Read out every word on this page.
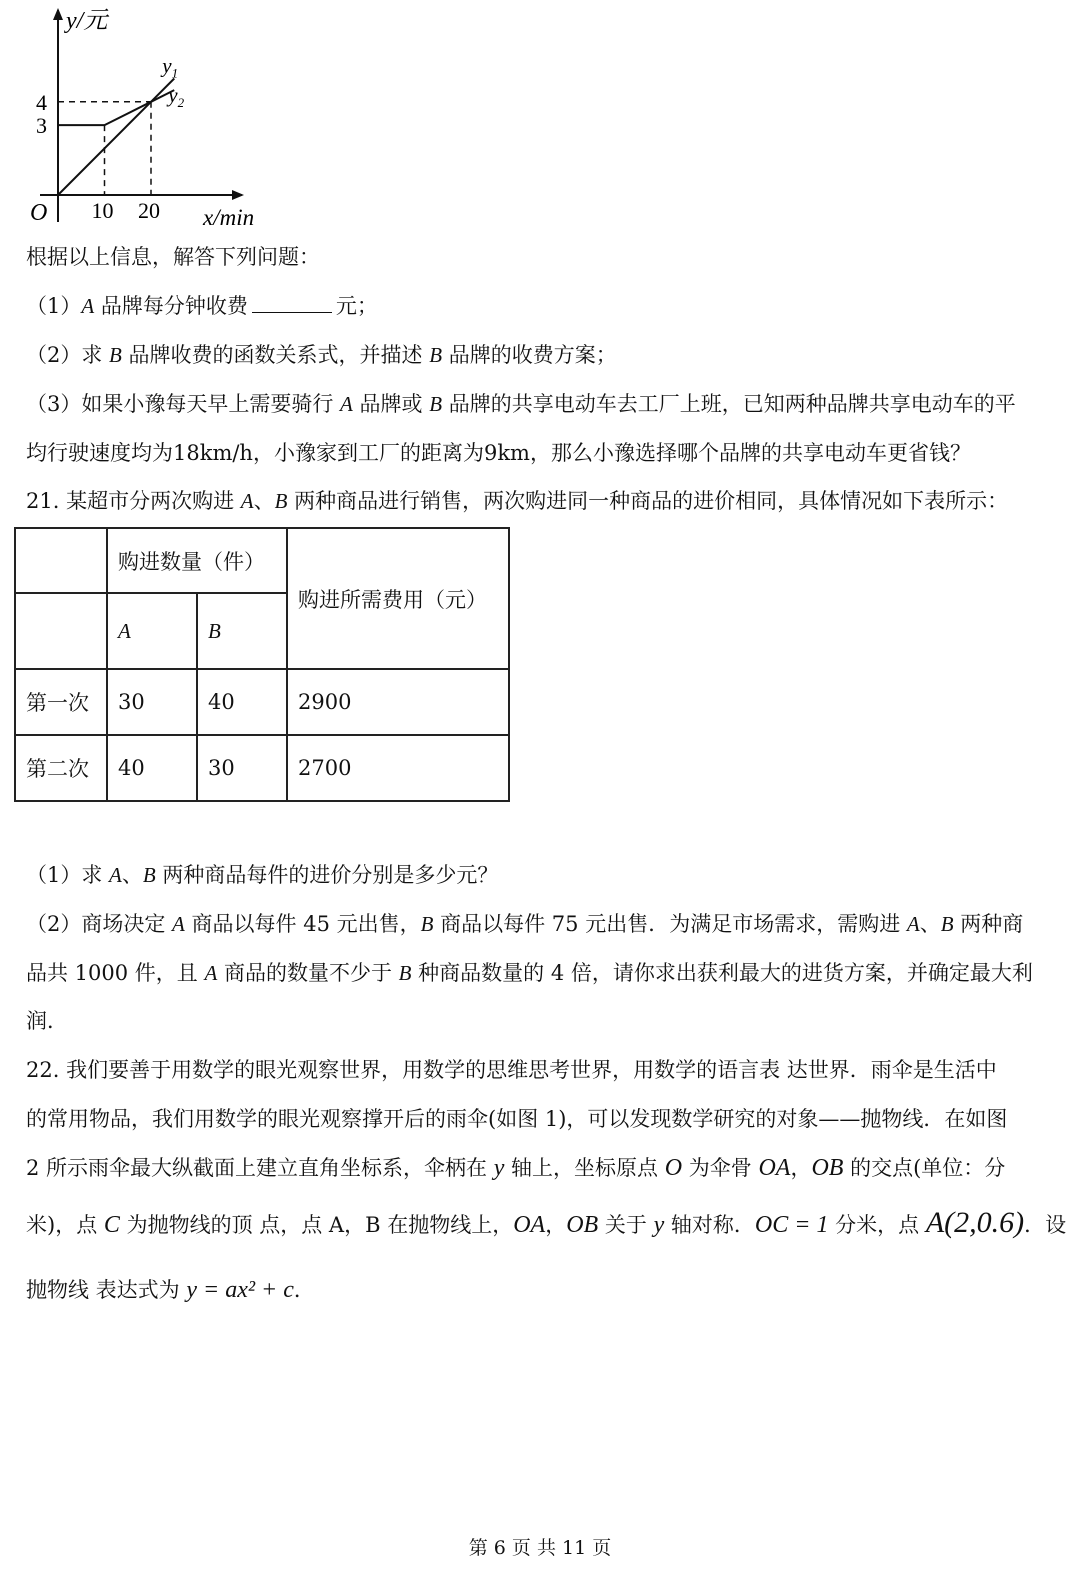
$y_1$
$y_2$
10 20
3
4
y/元
x/min
O
根据以上信息，解答下列问题：
（1）A 品牌每分钟收费	元；
（2）求 B 品牌收费的函数关系式，并描述 B 品牌的收费方案；
（3）如果小豫每天早上需要骑行 A 品牌或 B 品牌的共享电动车去工厂上班，已知两种品牌共享电动车的平
均行驶速度均为18km/h，小豫家到工厂的距离为9km，那么小豫选择哪个品牌的共享电动车更省钱？
21. 某超市分两次购进 A、B 两种商品进行销售，两次购进同一种商品的进价相同，具体情况如下表所示：
	购进数量（件）		购进所需费用（元）
	A	B	
第一次	30	40	2900
第二次	40	30	2700
（1）求 A、B 两种商品每件的进价分别是多少元？
（2）商场决定 A 商品以每件 45 元出售，B 商品以每件 75 元出售．为满足市场需求，需购进 A、B 两种商
品共 1000 件，且 A 商品的数量不少于 B 种商品数量的 4 倍，请你求出获利最大的进货方案，并确定最大利
润．
22. 我们要善于用数学的眼光观察世界，用数学的思维思考世界，用数学的语言表 达世界．雨伞是生活中
的常用物品，我们用数学的眼光观察撑开后的雨伞(如图 1)，可以发现数学研究的对象——抛物线．在如图
2 所示雨伞最大纵截面上建立直角坐标系，伞柄在 y 轴上，坐标原点 O 为伞骨 OA，OB 的交点(单位：分
米)，点 C 为抛物线的顶 点，点 A，B 在抛物线上，OA，OB 关于 y 轴对称．OC = 1 分米，点 A(2,0.6)．设
抛物线 表达式为 y = ax² + c．
第 6 页 共 11 页
